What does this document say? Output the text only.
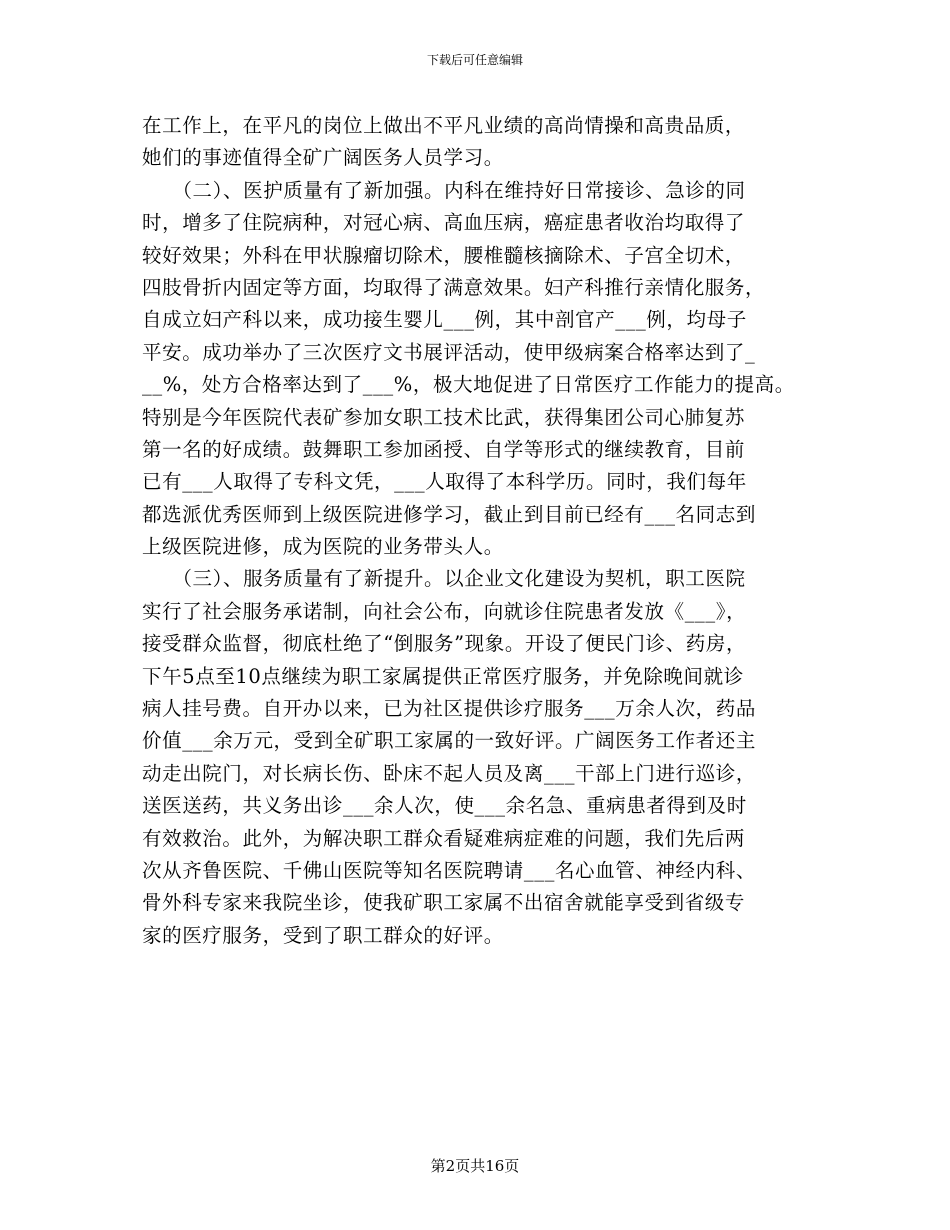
下载后可任意编辑
在工作上，在平凡的岗位上做出不平凡业绩的高尚情操和高贵品质，
她们的事迹值得全矿广阔医务人员学习。
　　（二）、医护质量有了新加强。内科在维持好日常接诊、急诊的同
时，增多了住院病种，对冠心病、高血压病，癌症患者收治均取得了
较好效果；外科在甲状腺瘤切除术，腰椎髓核摘除术、子宫全切术，
四肢骨折内固定等方面，均取得了满意效果。妇产科推行亲情化服务，
自成立妇产科以来，成功接生婴儿___例，其中剖官产___例，均母子
平安。成功举办了三次医疗文书展评活动，使甲级病案合格率达到了_
__%，处方合格率达到了___%，极大地促进了日常医疗工作能力的提高。
特别是今年医院代表矿参加女职工技术比武，获得集团公司心肺复苏
第一名的好成绩。鼓舞职工参加函授、自学等形式的继续教育，目前
已有___人取得了专科文凭，___人取得了本科学历。同时，我们每年
都选派优秀医师到上级医院进修学习，截止到目前已经有___名同志到
上级医院进修，成为医院的业务带头人。
　　（三）、服务质量有了新提升。以企业文化建设为契机，职工医院
实行了社会服务承诺制，向社会公布，向就诊住院患者发放《___》，
接受群众监督，彻底杜绝了“倒服务”现象。开设了便民门诊、药房，
下午5点至10点继续为职工家属提供正常医疗服务，并免除晚间就诊
病人挂号费。自开办以来，已为社区提供诊疗服务___万余人次，药品
价值___余万元，受到全矿职工家属的一致好评。广阔医务工作者还主
动走出院门，对长病长伤、卧床不起人员及离___干部上门进行巡诊，
送医送药，共义务出诊___余人次，使___余名急、重病患者得到及时
有效救治。此外，为解决职工群众看疑难病症难的问题，我们先后两
次从齐鲁医院、千佛山医院等知名医院聘请___名心血管、神经内科、
骨外科专家来我院坐诊，使我矿职工家属不出宿舍就能享受到省级专
家的医疗服务，受到了职工群众的好评。
第2页共16页
